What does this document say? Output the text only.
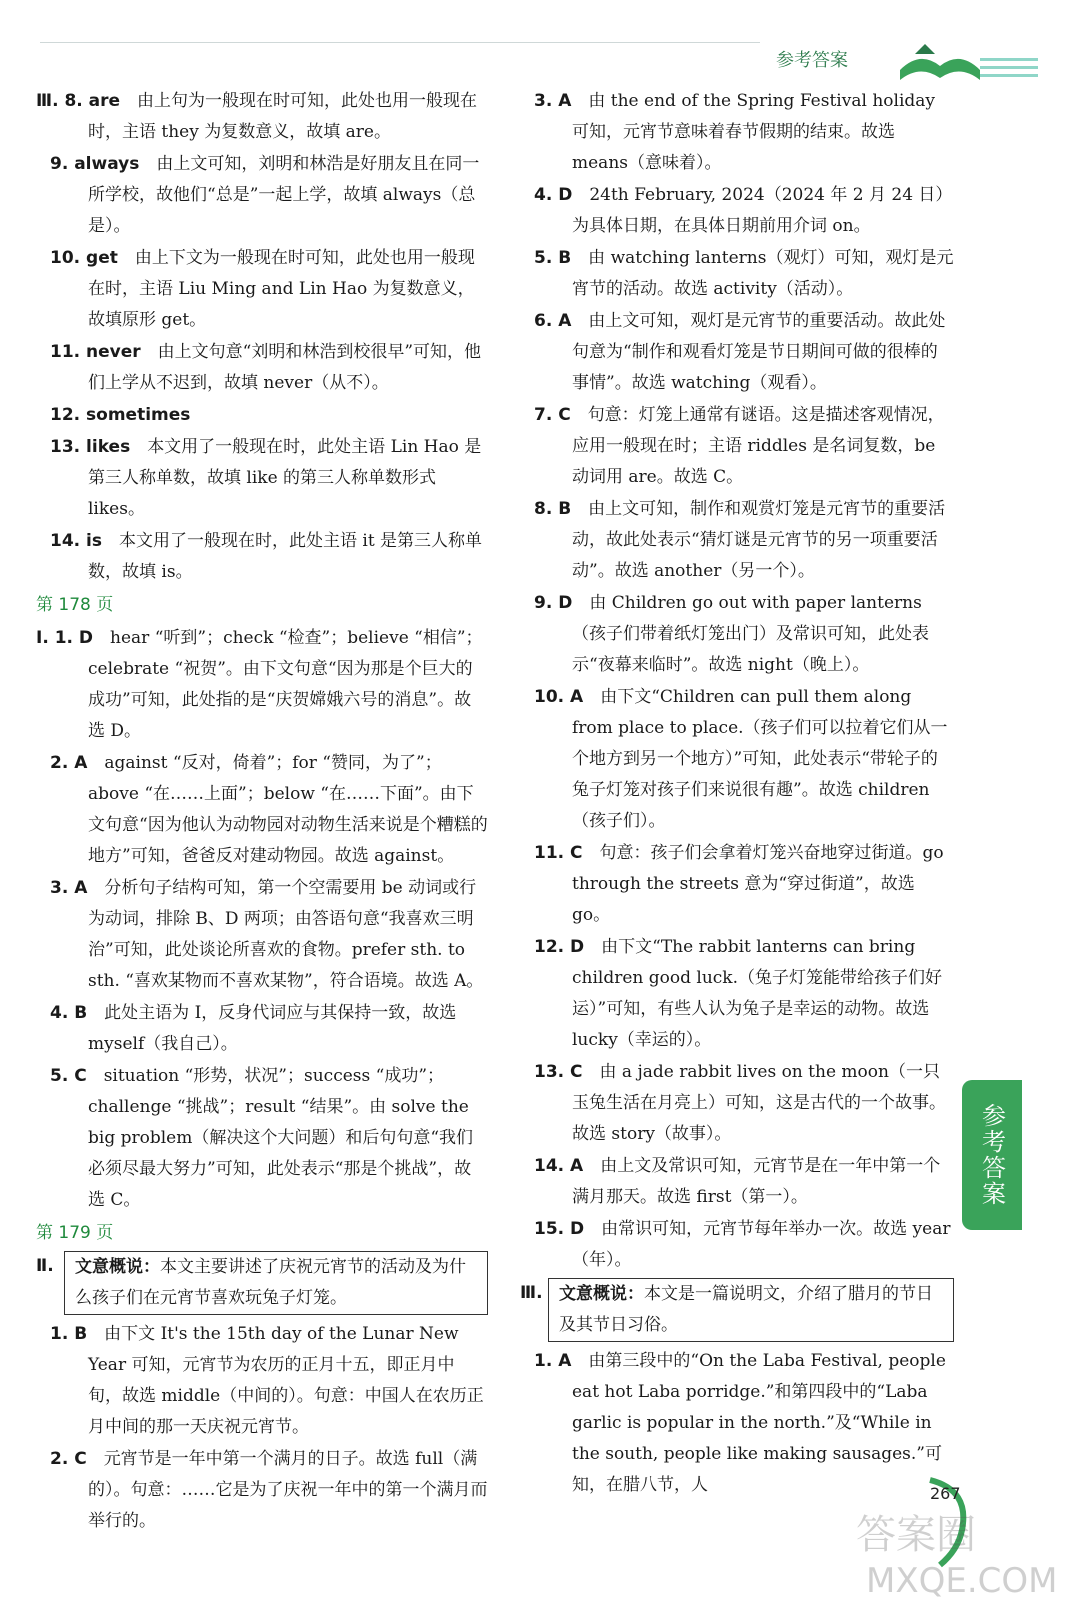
参考答案
Ⅲ. 8. are　 由上句为一般现在时可知，此处也用一般现在时，主语 they 为复数意义，故填 are。
9. always　 由上文可知，刘明和林浩是好朋友且在同一所学校，故他们“总是”一起上学，故填 always（总是）。
10. get　 由上下文为一般现在时可知，此处也用一般现在时，主语 Liu Ming and Lin Hao 为复数意义，故填原形 get。
11. never　 由上文句意“刘明和林浩到校很早”可知，他们上学从不迟到，故填 never（从不）。
12. sometimes
13. likes　 本文用了一般现在时，此处主语 Lin Hao 是第三人称单数，故填 like 的第三人称单数形式 likes。
14. is　 本文用了一般现在时，此处主语 it 是第三人称单数，故填 is。
第 178 页
Ⅰ. 1. D　 hear “听到”；check “检查”；believe “相信”；celebrate “祝贺”。由下文句意“因为那是个巨大的成功”可知，此处指的是“庆贺嫦娥六号的消息”。故选 D。
2. A　 against “反对，倚着”；for “赞同，为了”；above “在……上面”；below “在……下面”。由下文句意“因为他认为动物园对动物生活来说是个糟糕的地方”可知，爸爸反对建动物园。故选 against。
3. A　 分析句子结构可知，第一个空需要用 be 动词或行为动词，排除 B、D 两项；由答语句意“我喜欢三明治”可知，此处谈论所喜欢的食物。prefer sth. to sth. “喜欢某物而不喜欢某物”，符合语境。故选 A。
4. B　 此处主语为 I，反身代词应与其保持一致，故选 myself（我自己）。
5. C　 situation “形势，状况”；success “成功”；challenge “挑战”；result “结果”。由 solve the big problem（解决这个大问题）和后句句意“我们必须尽最大努力”可知，此处表示“那是个挑战”，故选 C。
第 179 页
Ⅱ.	文意概说：本文主要讲述了庆祝元宵节的活动及为什么孩子们在元宵节喜欢玩兔子灯笼。
1. B　 由下文 It's the 15th day of the Lunar New Year 可知，元宵节为农历的正月十五，即正月中旬，故选 middle（中间的）。句意：中国人在农历正月中间的那一天庆祝元宵节。
2. C　 元宵节是一年中第一个满月的日子。故选 full（满的）。句意：……它是为了庆祝一年中的第一个满月而举行的。
3. A　 由 the end of the Spring Festival holiday 可知，元宵节意味着春节假期的结束。故选 means（意味着）。
4. D　 24th February, 2024（2024 年 2 月 24 日）为具体日期，在具体日期前用介词 on。
5. B　 由 watching lanterns（观灯）可知，观灯是元宵节的活动。故选 activity（活动）。
6. A　 由上文可知，观灯是元宵节的重要活动。故此处句意为“制作和观看灯笼是节日期间可做的很棒的事情”。故选 watching（观看）。
7. C　 句意：灯笼上通常有谜语。这是描述客观情况，应用一般现在时；主语 riddles 是名词复数，be 动词用 are。故选 C。
8. B　 由上文可知，制作和观赏灯笼是元宵节的重要活动，故此处表示“猜灯谜是元宵节的另一项重要活动”。故选 another（另一个）。
9. D　 由 Children go out with paper lanterns（孩子们带着纸灯笼出门）及常识可知，此处表示“夜幕来临时”。故选 night（晚上）。
10. A　 由下文“Children can pull them along from place to place.（孩子们可以拉着它们从一个地方到另一个地方）”可知，此处表示“带轮子的兔子灯笼对孩子们来说很有趣”。故选 children（孩子们）。
11. C　 句意：孩子们会拿着灯笼兴奋地穿过街道。go through the streets 意为“穿过街道”，故选 go。
12. D　 由下文“The rabbit lanterns can bring children good luck.（兔子灯笼能带给孩子们好运）”可知，有些人认为兔子是幸运的动物。故选 lucky（幸运的）。
13. C　 由 a jade rabbit lives on the moon（一只玉兔生活在月亮上）可知，这是古代的一个故事。故选 story（故事）。
14. A　 由上文及常识可知，元宵节是在一年中第一个满月那天。故选 first（第一）。
15. D　 由常识可知，元宵节每年举办一次。故选 year（年）。
Ⅲ. 文意概说：本文是一篇说明文，介绍了腊月的节日及其节日习俗。
1. A　 由第三段中的“On the Laba Festival, people eat hot Laba porridge.”和第四段中的“Laba garlic is popular in the north.”及“While in the south, people like making sausages.”可知，在腊八节，人
参考答案
267
答案圈
MXQE.COM
